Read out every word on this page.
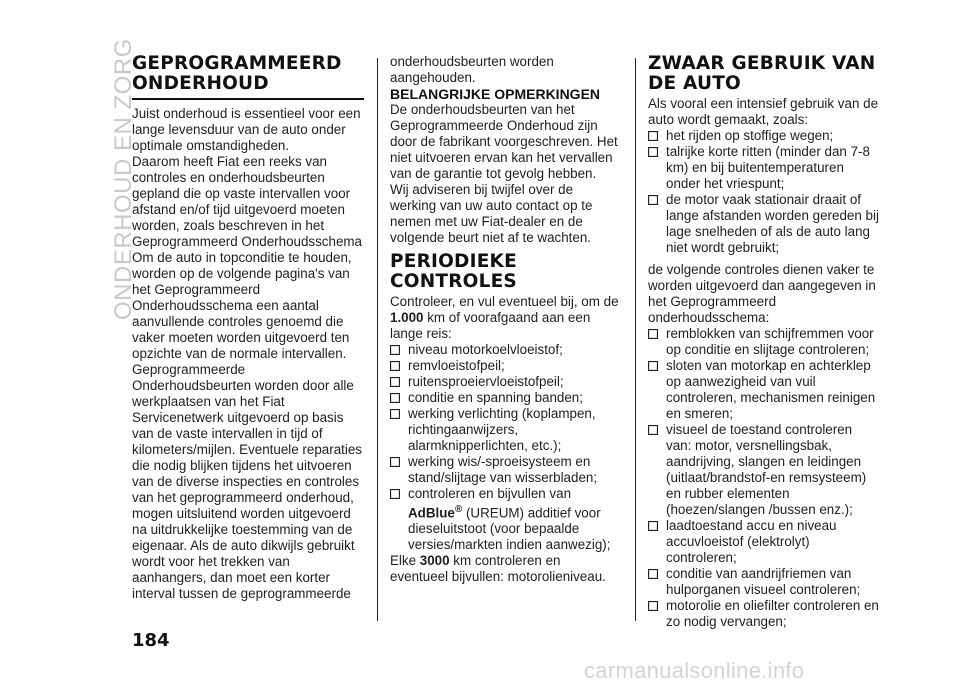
ONDERHOUD EN ZORG
GEPROGRAMMEERD ONDERHOUD

Juist onderhoud is essentieel voor een lange levensduur van de auto onder optimale omstandigheden.

Daarom heeft Fiat een reeks van controles en onderhoudsbeurten gepland die op vaste intervallen voor afstand en/of tijd uitgevoerd moeten worden, zoals beschreven in het Geprogrammeerd Onderhoudsschema

Om de auto in topconditie te houden, worden op de volgende pagina's van het Geprogrammeerd Onderhoudsschema een aantal aanvullende controles genoemd die vaker moeten worden uitgevoerd ten opzichte van de normale intervallen.

Geprogrammeerde Onderhoudsbeurten worden door alle werkplaatsen van het Fiat Servicenetwerk uitgevoerd op basis van de vaste intervallen in tijd of kilometers/mijlen. Eventuele reparaties die nodig blijken tijdens het uitvoeren van de diverse inspecties en controles van het geprogrammeerd onderhoud, mogen uitsluitend worden uitgevoerd na uitdrukkelijke toestemming van de eigenaar. Als de auto dikwijls gebruikt wordt voor het trekken van aanhangers, dan moet een korter interval tussen de geprogrammeerde

onderhoudsbeurten worden aangehouden.

BELANGRIJKE OPMERKINGEN

De onderhoudsbeurten van het Geprogrammeerde Onderhoud zijn door de fabrikant voorgeschreven. Het niet uitvoeren ervan kan het vervallen van de garantie tot gevolg hebben.

Wij adviseren bij twijfel over de werking van uw auto contact op te nemen met uw Fiat-dealer en de volgende beurt niet af te wachten.

PERIODIEKE CONTROLES

Controleer, en vul eventueel bij, om de 1.000 km of voorafgaand aan een lange reis:

niveau motorkoelvloeistof;
remvloeistofpeil;
ruitensproeiervloeistofpeil;
conditie en spanning banden;
werking verlichting (koplampen, richtingaanwijzers, alarmknipperlichten, etc.);
werking wis/-sproeisysteem en stand/slijtage van wisserbladen;
controleren en bijvullen van AdBlue® (UREUM) additief voor dieseluitstoot (voor bepaalde versies/markten indien aanwezig);

Elke 3000 km controleren en eventueel bijvullen: motorolieniveau.

ZWAAR GEBRUIK VAN DE AUTO

Als vooral een intensief gebruik van de auto wordt gemaakt, zoals:

het rijden op stoffige wegen;
talrijke korte ritten (minder dan 7-8 km) en bij buitentemperaturen onder het vriespunt;
de motor vaak stationair draait of lange afstanden worden gereden bij lage snelheden of als de auto lang niet wordt gebruikt;

de volgende controles dienen vaker te worden uitgevoerd dan aangegeven in het Geprogrammeerd onderhoudsschema:

remblokken van schijfremmen voor op conditie en slijtage controleren;
sloten van motorkap en achterklep op aanwezigheid van vuil controleren, mechanismen reinigen en smeren;
visueel de toestand controleren van: motor, versnellingsbak, aandrijving, slangen en leidingen (uitlaat/brandstof-en remsysteem) en rubber elementen (hoezen/slangen /bussen enz.);
laadtoestand accu en niveau accuvloeistof (elektrolyt) controleren;
conditie van aandrijfriemen van hulporganen visueel controleren;
motorolie en oliefilter controleren en zo nodig vervangen;
184
carmanualsonline.info
